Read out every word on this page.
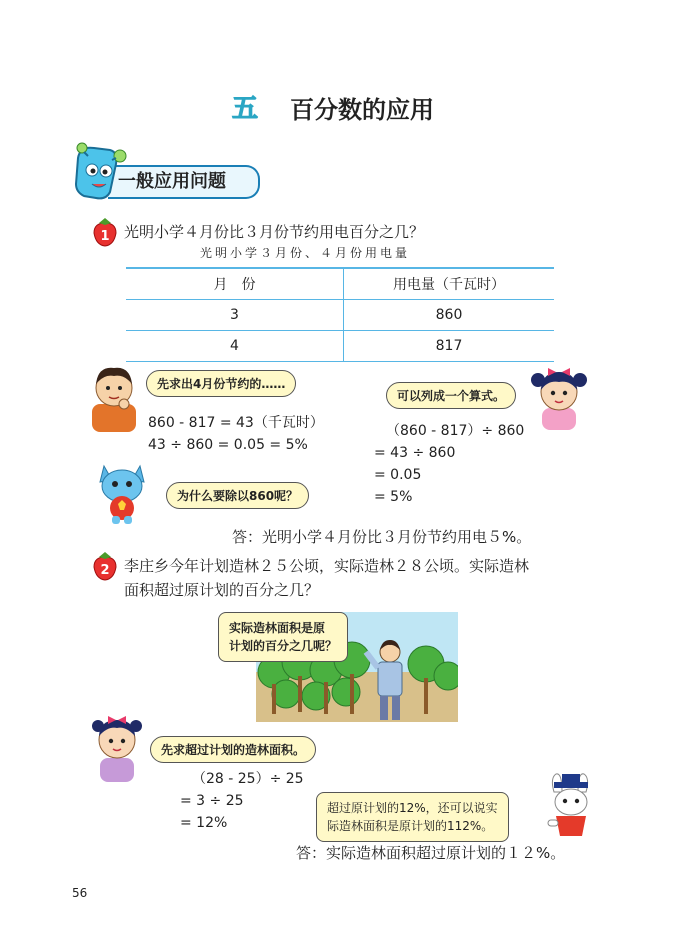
五 百分数的应用
一般应用问题
1 光明小学４月份比３月份节约用电百分之几？
光明小学３月份、４月份用电量
月　份	用电量（千瓦时）
3	860
4	817
先求出4月份节约的……
860 - 817 = 43（千瓦时）
43 ÷ 860 = 0.05 = 5%
可以列成一个算式。
（860 - 817）÷ 860
= 43 ÷ 860
= 0.05
= 5%
为什么要除以860呢？
答：光明小学４月份比３月份节约用电５%。
2 李庄乡今年计划造林２５公顷，实际造林２８公顷。实际造林
面积超过原计划的百分之几？
实际造林面积是原
计划的百分之几呢？
先求超过计划的造林面积。
（28 - 25）÷ 25
= 3 ÷ 25
= 12%
超过原计划的12%，还可以说实
际造林面积是原计划的112%。
答：实际造林面积超过原计划的１２%。
56
